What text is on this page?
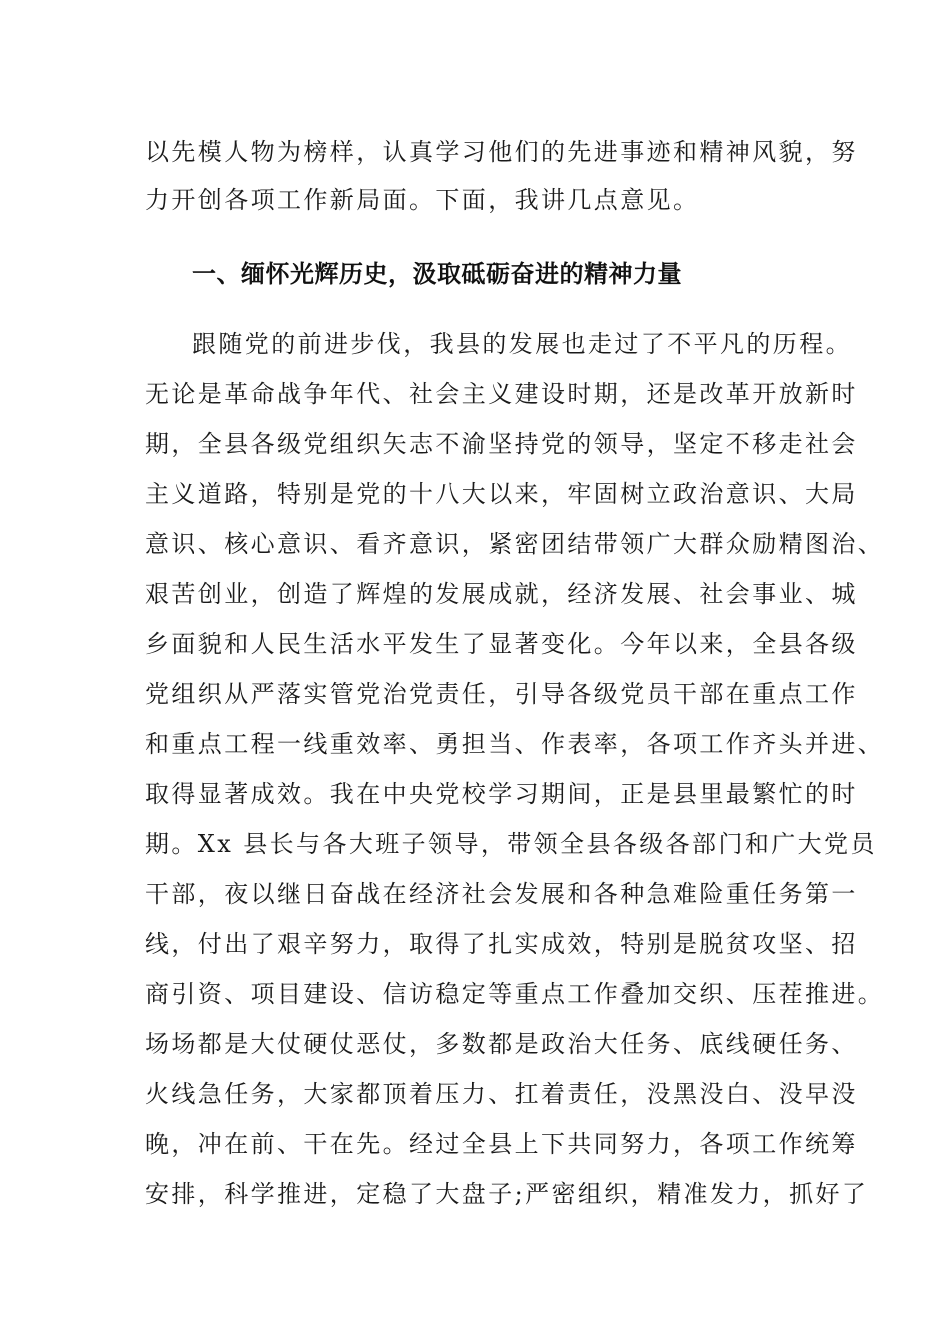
以先模人物为榜样，认真学习他们的先进事迹和精神风貌，努
力开创各项工作新局面。下面，我讲几点意见。
一、缅怀光辉历史，汲取砥砺奋进的精神力量
跟随党的前进步伐，我县的发展也走过了不平凡的历程。
无论是革命战争年代、社会主义建设时期，还是改革开放新时
期，全县各级党组织矢志不渝坚持党的领导，坚定不移走社会
主义道路，特别是党的十八大以来，牢固树立政治意识、大局
意识、核心意识、看齐意识，紧密团结带领广大群众励精图治、
艰苦创业，创造了辉煌的发展成就，经济发展、社会事业、城
乡面貌和人民生活水平发生了显著变化。今年以来，全县各级
党组织从严落实管党治党责任，引导各级党员干部在重点工作
和重点工程一线重效率、勇担当、作表率，各项工作齐头并进、
取得显著成效。我在中央党校学习期间，正是县里最繁忙的时
期。Xx 县长与各大班子领导，带领全县各级各部门和广大党员
干部，夜以继日奋战在经济社会发展和各种急难险重任务第一
线，付出了艰辛努力，取得了扎实成效，特别是脱贫攻坚、招
商引资、项目建设、信访稳定等重点工作叠加交织、压茬推进。
场场都是大仗硬仗恶仗，多数都是政治大任务、底线硬任务、
火线急任务，大家都顶着压力、扛着责任，没黑没白、没早没
晚，冲在前、干在先。经过全县上下共同努力，各项工作统筹
安排，科学推进，定稳了大盘子;严密组织，精准发力，抓好了
